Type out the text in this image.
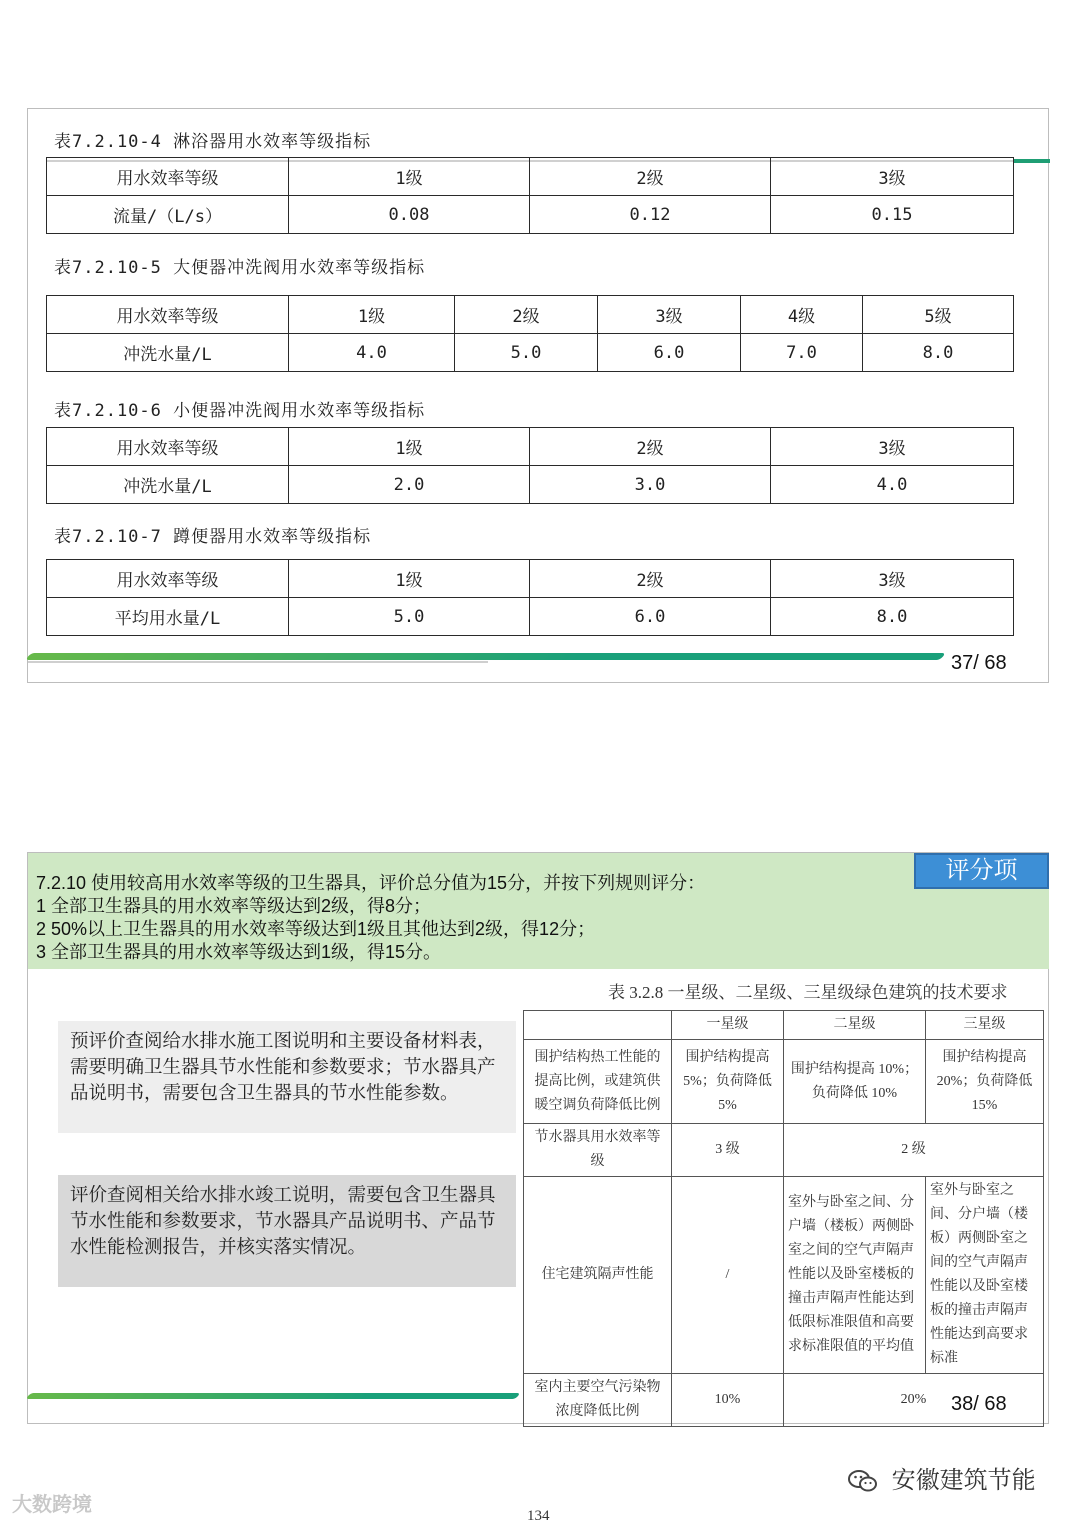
表7.2.10-4 淋浴器用水效率等级指标
用水效率等级	1级	2级	3级
流量/（L/s）	0.08	0.12	0.15
表7.2.10-5 大便器冲洗阀用水效率等级指标
用水效率等级	1级	2级	3级	4级	5级
冲洗水量/L	4.0	5.0	6.0	7.0	8.0
表7.2.10-6 小便器冲洗阀用水效率等级指标
用水效率等级	1级	2级	3级
冲洗水量/L	2.0	3.0	4.0
表7.2.10-7 蹲便器用水效率等级指标
用水效率等级	1级	2级	3级
平均用水量/L	5.0	6.0	8.0
37/ 68
7.2.10 使用较高用水效率等级的卫生器具，评价总分值为15分，并按下列规则评分：
1 全部卫生器具的用水效率等级达到2级，得8分；
2 50%以上卫生器具的用水效率等级达到1级且其他达到2级，得12分；
3 全部卫生器具的用水效率等级达到1级，得15分。
评分项
预评价查阅给水排水施工图说明和主要设备材料表，需要明确卫生器具节水性能和参数要求；节水器具产品说明书，需要包含卫生器具的节水性能参数。
评价查阅相关给水排水竣工说明，需要包含卫生器具节水性能和参数要求，节水器具产品说明书、产品节水性能检测报告，并核实落实情况。
38/ 68
表 3.2.8 一星级、二星级、三星级绿色建筑的技术要求
	一星级	二星级	三星级
围护结构热工性能的提高比例，或建筑供暖空调负荷降低比例	围护结构提高5%；负荷降低 5%	围护结构提高 10%；负荷降低 10%	围护结构提高20%；负荷降低 15%
节水器具用水效率等级	3 级	2 级	
住宅建筑隔声性能	/	室外与卧室之间、分户墙（楼板）两侧卧室之间的空气声隔声性能以及卧室楼板的撞击声隔声性能达到低限标准限值和高要求标准限值的平均值	室外与卧室之间、分户墙（楼板）两侧卧室之间的空气声隔声性能以及卧室楼板的撞击声隔声性能达到高要求标准
室内主要空气污染物浓度降低比例	10%	20%	
大数跨境
安徽建筑节能
134
